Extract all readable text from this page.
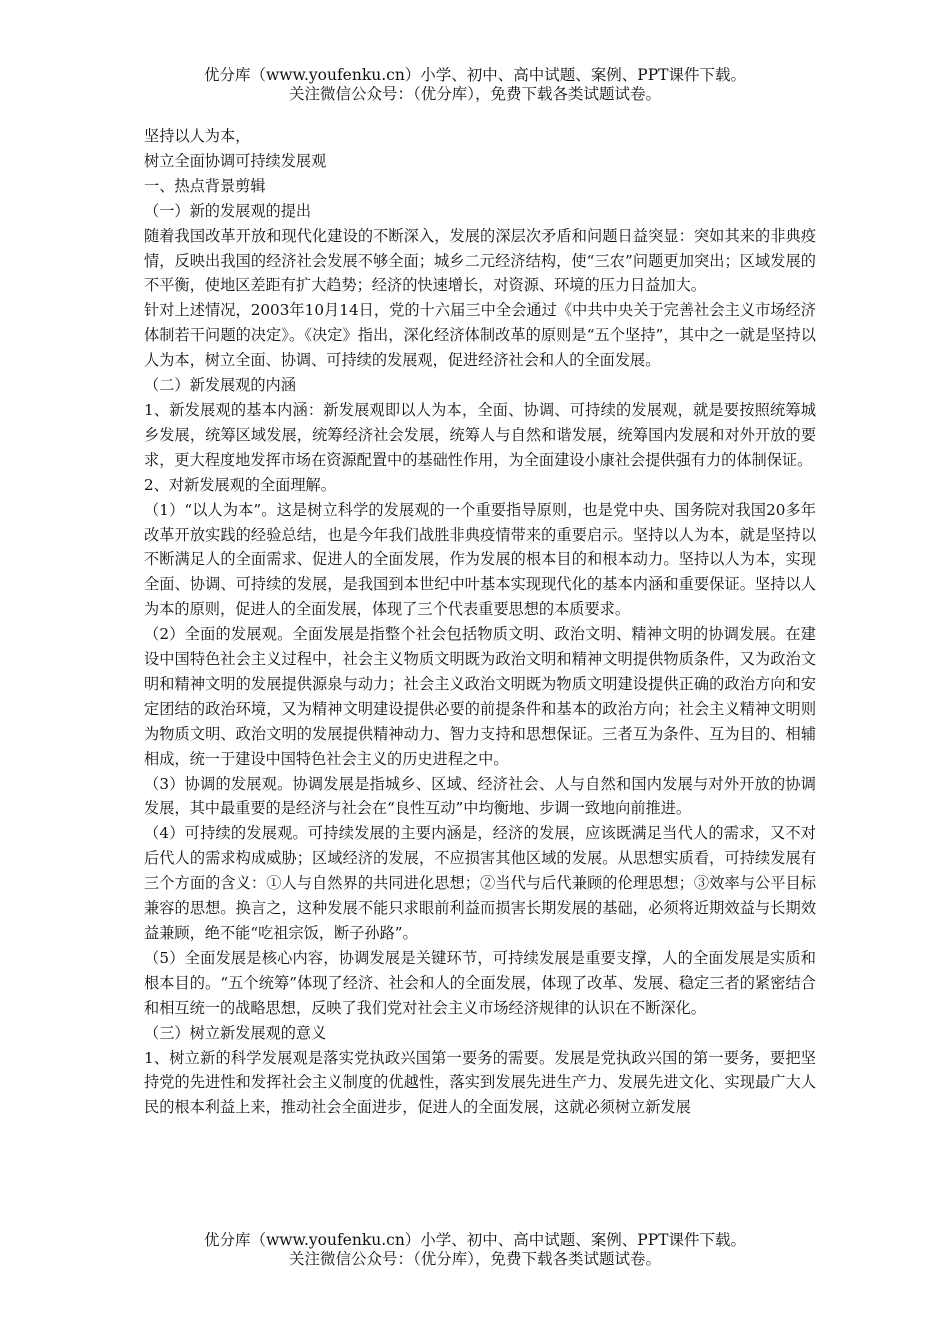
优分库（www.youfenku.cn）小学、初中、高中试题、案例、PPT课件下载。
关注微信公众号：（优分库），免费下载各类试题试卷。

坚持以人为本，

树立全面协调可持续发展观

一、热点背景剪辑

（一）新的发展观的提出

随着我国改革开放和现代化建设的不断深入，发展的深层次矛盾和问题日益突显：突如其来的非典疫情，反映出我国的经济社会发展不够全面；城乡二元经济结构，使“三农”问题更加突出；区域发展的不平衡，使地区差距有扩大趋势；经济的快速增长，对资源、环境的压力日益加大。

针对上述情况，2003年10月14日，党的十六届三中全会通过《中共中央关于完善社会主义市场经济体制若干问题的决定》。《决定》指出，深化经济体制改革的原则是“五个坚持”，其中之一就是坚持以人为本，树立全面、协调、可持续的发展观，促进经济社会和人的全面发展。

（二）新发展观的内涵

1、新发展观的基本内涵：新发展观即以人为本，全面、协调、可持续的发展观，就是要按照统筹城乡发展，统筹区域发展，统筹经济社会发展，统筹人与自然和谐发展，统筹国内发展和对外开放的要求，更大程度地发挥市场在资源配置中的基础性作用，为全面建设小康社会提供强有力的体制保证。

2、对新发展观的全面理解。

（1）“以人为本”。这是树立科学的发展观的一个重要指导原则，也是党中央、国务院对我国20多年改革开放实践的经验总结，也是今年我们战胜非典疫情带来的重要启示。坚持以人为本，就是坚持以不断满足人的全面需求、促进人的全面发展，作为发展的根本目的和根本动力。坚持以人为本，实现全面、协调、可持续的发展，是我国到本世纪中叶基本实现现代化的基本内涵和重要保证。坚持以人为本的原则，促进人的全面发展，体现了三个代表重要思想的本质要求。

（2）全面的发展观。全面发展是指整个社会包括物质文明、政治文明、精神文明的协调发展。在建设中国特色社会主义过程中，社会主义物质文明既为政治文明和精神文明提供物质条件，又为政治文明和精神文明的发展提供源泉与动力；社会主义政治文明既为物质文明建设提供正确的政治方向和安定团结的政治环境，又为精神文明建设提供必要的前提条件和基本的政治方向；社会主义精神文明则为物质文明、政治文明的发展提供精神动力、智力支持和思想保证。三者互为条件、互为目的、相辅相成，统一于建设中国特色社会主义的历史进程之中。

（3）协调的发展观。协调发展是指城乡、区域、经济社会、人与自然和国内发展与对外开放的协调发展，其中最重要的是经济与社会在“良性互动”中均衡地、步调一致地向前推进。

（4）可持续的发展观。可持续发展的主要内涵是，经济的发展，应该既满足当代人的需求，又不对后代人的需求构成威胁；区域经济的发展，不应损害其他区域的发展。从思想实质看，可持续发展有三个方面的含义：①人与自然界的共同进化思想；②当代与后代兼顾的伦理思想；③效率与公平目标兼容的思想。换言之，这种发展不能只求眼前利益而损害长期发展的基础，必须将近期效益与长期效益兼顾，绝不能“吃祖宗饭，断子孙路”。

（5）全面发展是核心内容，协调发展是关键环节，可持续发展是重要支撑，人的全面发展是实质和根本目的。“五个统筹”体现了经济、社会和人的全面发展，体现了改革、发展、稳定三者的紧密结合和相互统一的战略思想，反映了我们党对社会主义市场经济规律的认识在不断深化。

（三）树立新发展观的意义

1、树立新的科学发展观是落实党执政兴国第一要务的需要。发展是党执政兴国的第一要务，要把坚持党的先进性和发挥社会主义制度的优越性，落实到发展先进生产力、发展先进文化、实现最广大人民的根本利益上来，推动社会全面进步，促进人的全面发展，这就必须树立新发展

优分库（www.youfenku.cn）小学、初中、高中试题、案例、PPT课件下载。
关注微信公众号：（优分库），免费下载各类试题试卷。
